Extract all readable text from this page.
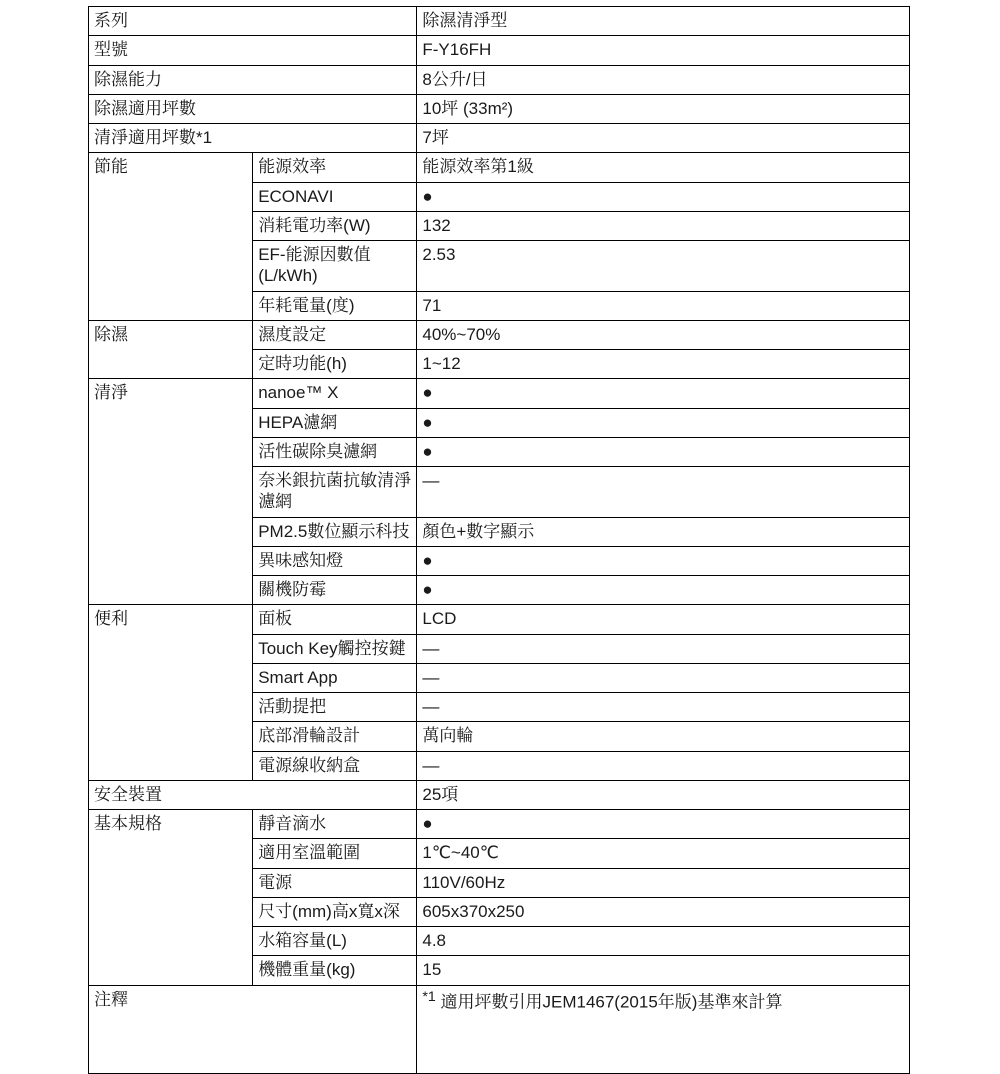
系列		除濕清淨型
型號		F-Y16FH
除濕能力		8公升/日
除濕適用坪數		10坪 (33m²)
清淨適用坪數*1		7坪
節能	能源效率	能源效率第1級
	ECONAVI	●
	消耗電功率(W)	132
	EF-能源因數值(L/kWh)	2.53
	年耗電量(度)	71
除濕	濕度設定	40%~70%
	定時功能(h)	1~12
清淨	nanoe™ X	●
	HEPA濾網	●
	活性碳除臭濾網	●
	奈米銀抗菌抗敏清淨濾網	—
	PM2.5數位顯示科技	顏色+數字顯示
	異味感知燈	●
	關機防霉	●
便利	面板	LCD
	Touch Key觸控按鍵	—
	Smart App	—
	活動提把	—
	底部滑輪設計	萬向輪
	電源線收納盒	—
安全裝置		25項
基本規格	靜音滴水	●
	適用室溫範圍	1℃~40℃
	電源	110V/60Hz
	尺寸(mm)高x寬x深	605x370x250
	水箱容量(L)	4.8
	機體重量(kg)	15
注釋		$^{*1}$ 適用坪數引用JEM1467(2015年版)基準來計算
